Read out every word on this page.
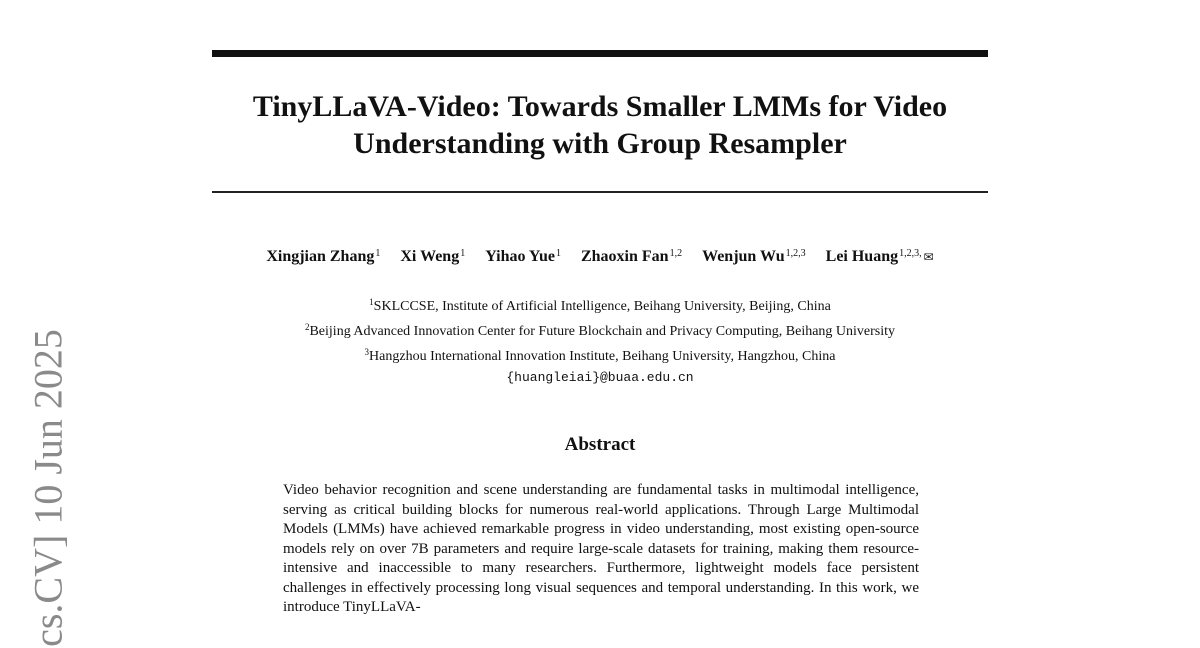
cs.CV] 10 Jun 2025
TinyLLaVA-Video: Towards Smaller LMMs for Video
Understanding with Group Resampler
Xingjian Zhang$^1$ Xi Weng$^1$ Yihao Yue$^1$ Zhaoxin Fan$^{1,2}$ Wenjun Wu$^{1,2,3}$ Lei Huang$^{1,2,3,}$ ✉
$^1$SKLCCSE, Institute of Artificial Intelligence, Beihang University, Beijing, China
$^2$Beijing Advanced Innovation Center for Future Blockchain and Privacy Computing, Beihang University
$^3$Hangzhou International Innovation Institute, Beihang University, Hangzhou, China
{huangleiai}@buaa.edu.cn
Abstract

Video behavior recognition and scene understanding are fundamental tasks in multimodal intelligence, serving as critical building blocks for numerous real-world applications. Through Large Multimodal Models (LMMs) have achieved remarkable progress in video understanding, most existing open-source models rely on over 7B parameters and require large-scale datasets for training, making them resource-intensive and inaccessible to many researchers. Furthermore, lightweight models face persistent challenges in effectively processing long visual sequences and temporal understanding. In this work, we introduce TinyLLaVA-
